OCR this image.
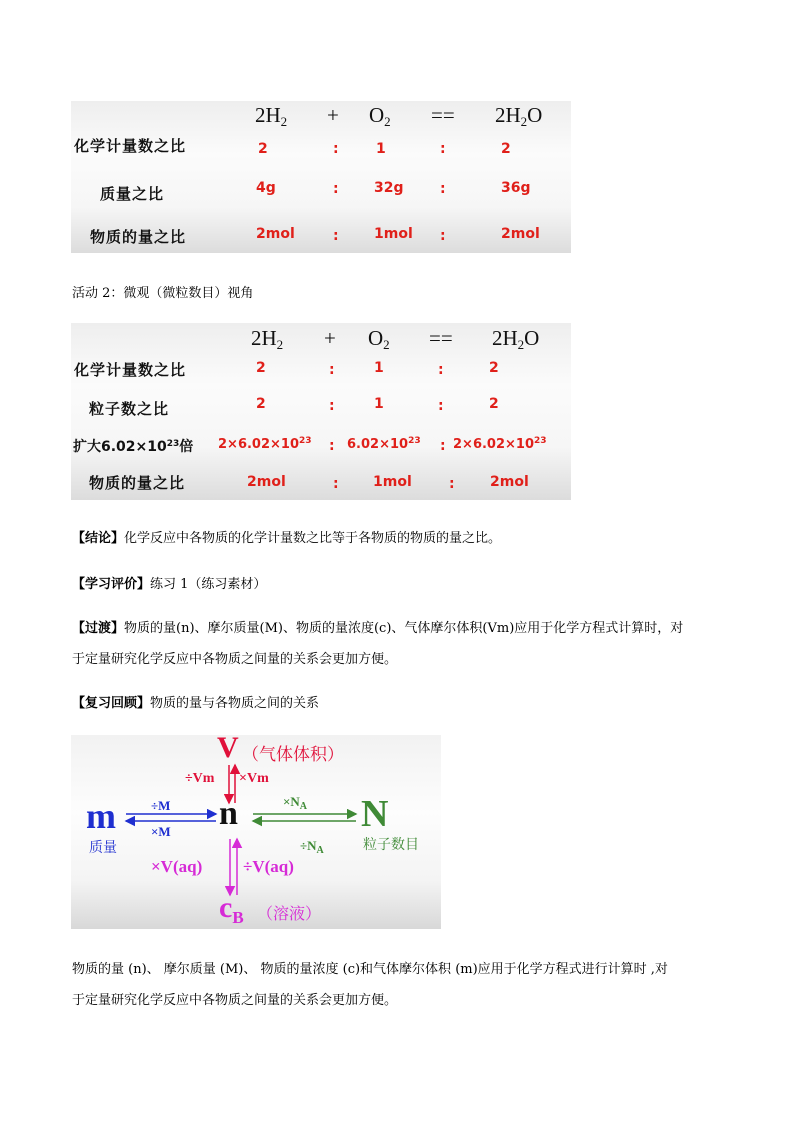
$2H_2 + O_2 == 2H_2O$
化学计量数之比	2	:	1	:	2
质量之比	4g	:	32g	:	36g
物质的量之比	2mol	:	1mol :	2mol
活动 2：微观（微粒数目）视角
$2H_2 + O_2 == 2H_2O$
化学计量数之比	2	:	1	:	2
粒子数之比	2	:	1	:	2
扩大$6.02\times 10^{23}$倍 $2\times 6.02\times 10^{23}$ : $6.02\times 10^{23}$ : $2\times 6.02\times 10^{23}$
物质的量之比	2mol	: 1mol	:	2mol
【结论】化学反应中各物质的化学计量数之比等于各物质的物质的量之比。
【学习评价】练习 1（练习素材）
【过渡】物质的量(n)、摩尔质量(M)、物质的量浓度(c)、气体摩尔体积(Vm)应用于化学方程式计算时，对
于定量研究化学反应中各物质之间量的关系会更加方便。
【复习回顾】物质的量与各物质之间的关系
V （气体体积）
÷Vm ×Vm
m
质量
÷M
×M n	$\times N_A$
$\div N_A$
N
粒子数目
×V(aq) ÷V(aq)
$c_B$ （溶液）
物质的量 (n)、 摩尔质量 (M)、 物质的量浓度 (c)和气体摩尔体积 (m)应用于化学方程式进行计算时 ,对
于定量研究化学反应中各物质之间量的关系会更加方便。
